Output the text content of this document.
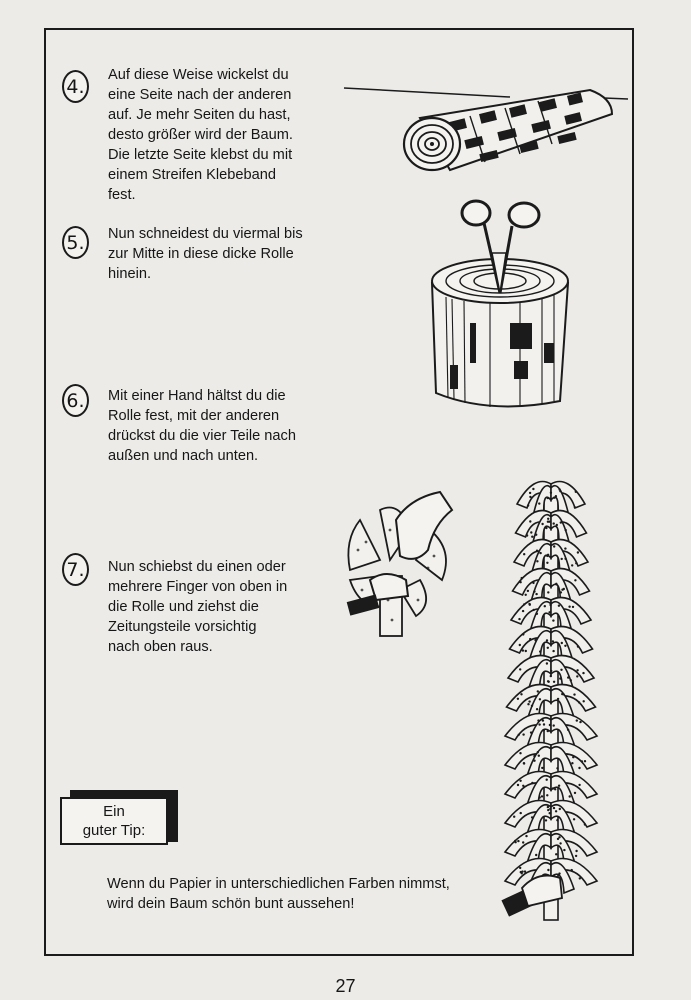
4.

Auf diese Weise wickelst du
eine Seite nach der anderen
auf. Je mehr Seiten du hast,
desto größer wird der Baum.
Die letzte Seite klebst du mit
einem Streifen Klebeband
fest.

5.	Nun schneidest du viermal bis
zur Mitte in diese dicke Rolle
hinein.

6.	Mit einer Hand hältst du die
Rolle fest, mit der anderen
drückst du die vier Teile nach
außen und nach unten.

7.	Nun schiebst du einen oder
mehrere Finger von oben in
die Rolle und ziehst die
Zeitungsteile vorsichtig
nach oben raus.

Ein
guter Tip:

Wenn du Papier in unterschiedlichen Farben nimmst,
wird dein Baum schön bunt aussehen!

27
